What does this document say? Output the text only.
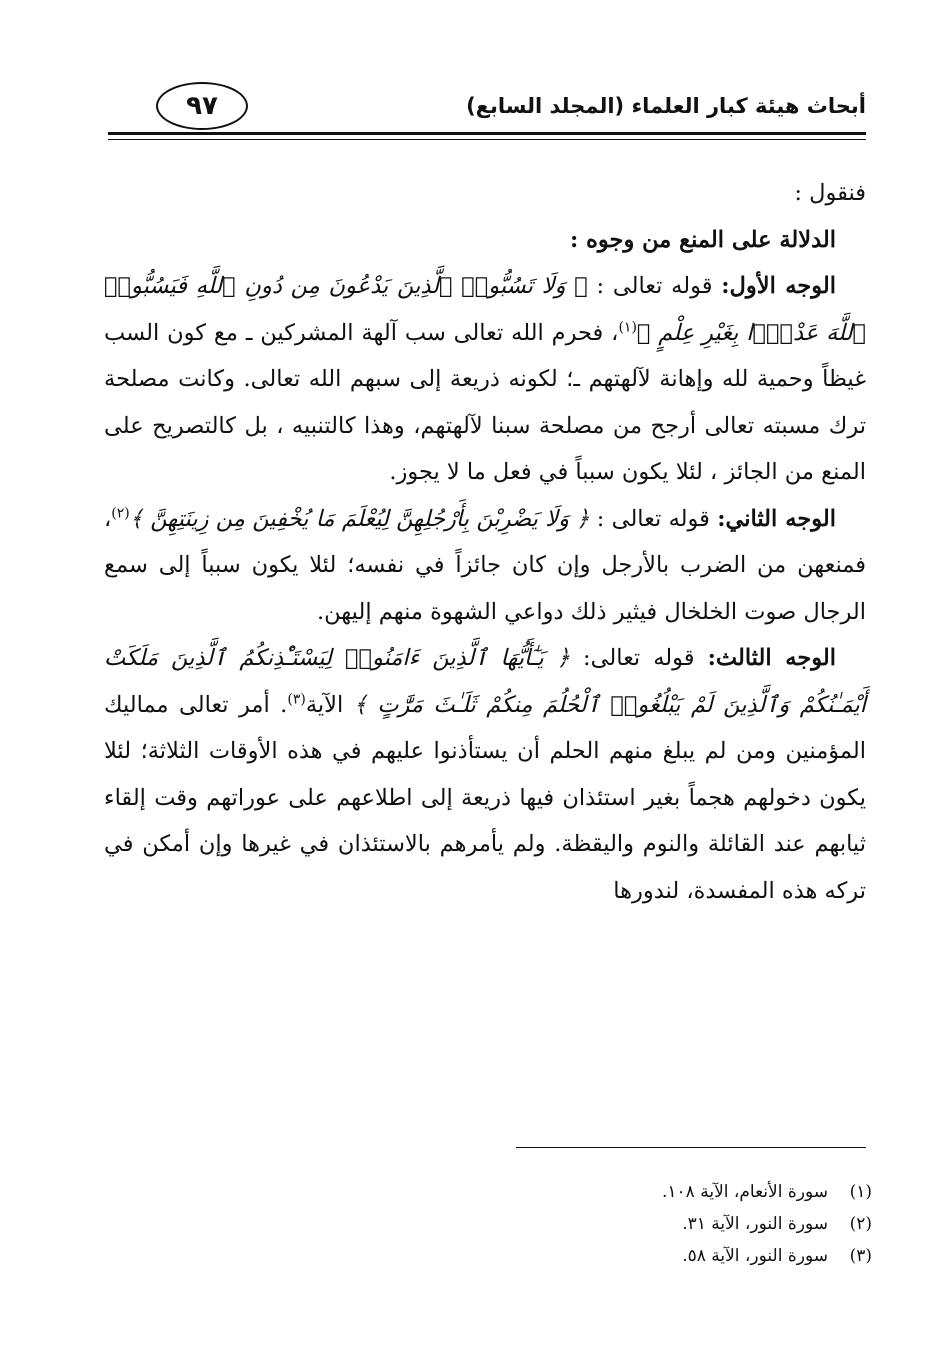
أبحاث هيئة كبار العلماء (المجلد السابع)
٩٧

فنقول :

الدلالة على المنع من وجوه :

الوجه الأول: قوله تعالى : ﴿ وَلَا تَسُبُّوا۟ ٱلَّذِينَ يَدْعُونَ مِن دُونِ ٱللَّهِ فَيَسُبُّوا۟ ٱللَّهَ عَدْوًۢا بِغَيْرِ عِلْمٍ ﴾$^{(١)}$، فحرم الله تعالى سب آلهة المشركين ـ مع كون السب غيظاً وحمية لله وإهانة لآلهتهم ـ؛ لكونه ذريعة إلى سبهم الله تعالى. وكانت مصلحة ترك مسبته تعالى أرجح من مصلحة سبنا لآلهتهم، وهذا كالتنبيه ، بل كالتصريح على المنع من الجائز ، لئلا يكون سبباً في فعل ما لا يجوز.

الوجه الثاني: قوله تعالى : ﴿ وَلَا يَضْرِبْنَ بِأَرْجُلِهِنَّ لِيُعْلَمَ مَا يُخْفِينَ مِن زِينَتِهِنَّ ﴾$^{(٢)}$، فمنعهن من الضرب بالأرجل وإن كان جائزاً في نفسه؛ لئلا يكون سبباً إلى سمع الرجال صوت الخلخال فيثير ذلك دواعي الشهوة منهم إليهن.

الوجه الثالث: قوله تعالى: ﴿ يَـٰٓأَيُّهَا ٱلَّذِينَ ءَامَنُوا۟ لِيَسْتَـْٔذِنكُمُ ٱلَّذِينَ مَلَكَتْ أَيْمَـٰنُكُمْ وَٱلَّذِينَ لَمْ يَبْلُغُوا۟ ٱلْحُلُمَ مِنكُمْ ثَلَـٰثَ مَرَّٰتٍ ﴾ الآية$^{(٣)}$. أمر تعالى مماليك المؤمنين ومن لم يبلغ منهم الحلم أن يستأذنوا عليهم في هذه الأوقات الثلاثة؛ لئلا يكون دخولهم هجماً بغير استئذان فيها ذريعة إلى اطلاعهم على عوراتهم وقت إلقاء ثيابهم عند القائلة والنوم واليقظة. ولم يأمرهم بالاستئذان في غيرها وإن أمكن في تركه هذه المفسدة، لندورها

(١)سورة الأنعام، الآية ١٠٨.
(٢)سورة النور، الآية ٣١.
(٣)سورة النور، الآية ٥٨.
